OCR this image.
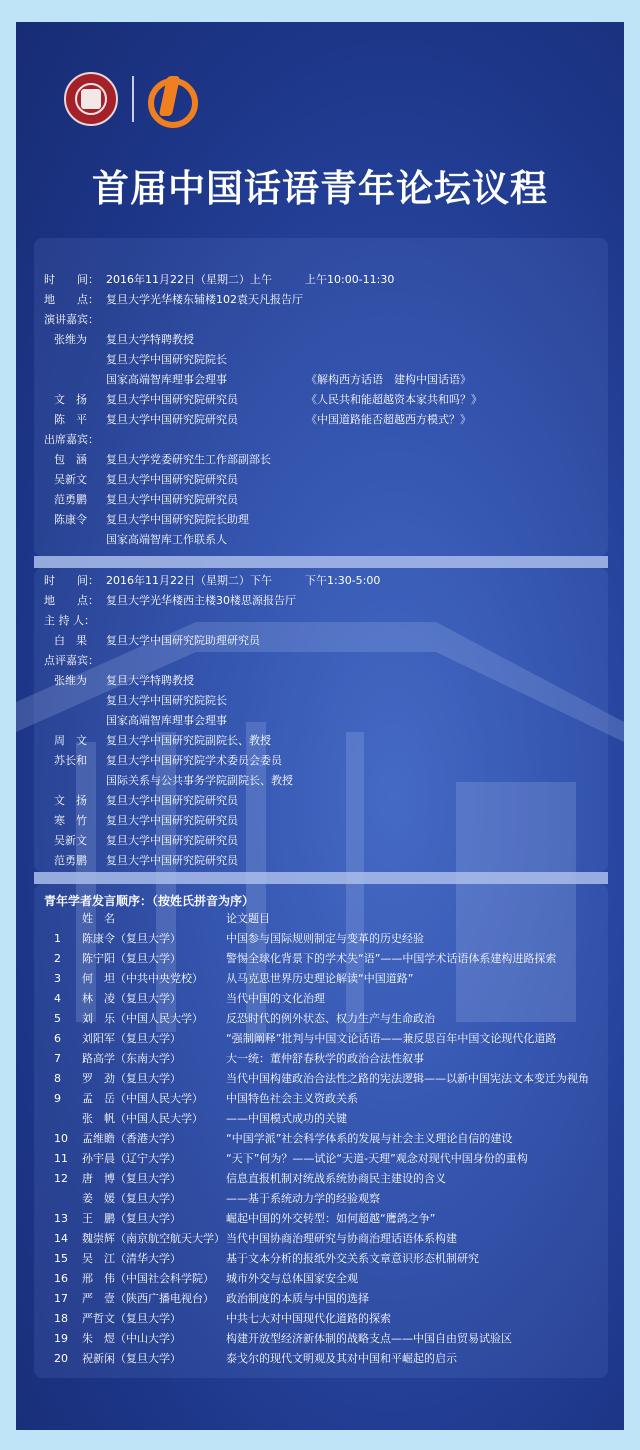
首届中国话语青年论坛议程
时　　间： 2016年11月22日（星期二）上午　　　上午10:00-11:30
地　　点： 复旦大学光华楼东辅楼102袁天凡报告厅
演讲嘉宾：
张维为 复旦大学特聘教授
复旦大学中国研究院院长
国家高端智库理事会理事	《解构西方话语　建构中国话语》
文　扬 复旦大学中国研究院研究员	《人民共和能超越资本家共和吗？》
陈　平 复旦大学中国研究院研究员	《中国道路能否超越西方模式？》
出席嘉宾：
包　涵 复旦大学党委研究生工作部副部长
吴新文 复旦大学中国研究院研究员
范勇鹏 复旦大学中国研究院研究员
陈康令 复旦大学中国研究院院长助理
国家高端智库工作联系人
时　　间： 2016年11月22日（星期二）下午　　　下午1:30-5:00
地　　点： 复旦大学光华楼西主楼30楼思源报告厅
主 持 人：
白　果 复旦大学中国研究院助理研究员
点评嘉宾：
张维为 复旦大学特聘教授
复旦大学中国研究院院长
国家高端智库理事会理事
周　文 复旦大学中国研究院副院长、教授
苏长和 复旦大学中国研究院学术委员会委员
国际关系与公共事务学院副院长、教授
文　扬 复旦大学中国研究院研究员
寒　竹 复旦大学中国研究院研究员
吴新文 复旦大学中国研究院研究员
范勇鹏 复旦大学中国研究院研究员
青年学者发言顺序：（按姓氏拼音为序）
姓　名	论文题目
1 陈康令（复旦大学）	中国参与国际规则制定与变革的历史经验
2 陈宁阳（复旦大学）	警惕全球化背景下的学术失“语”——中国学术话语体系建构进路探索
3 何　坦（中共中央党校） 从马克思世界历史理论解读“中国道路”
4 林　凌（复旦大学）	当代中国的文化治理
5 刘　乐（中国人民大学） 反恐时代的例外状态、权力生产与生命政治
6 刘阳军（复旦大学）	“强制阐释”批判与中国文论话语——兼反思百年中国文论现代化道路
7 路高学（东南大学）	大一统：董仲舒春秋学的政治合法性叙事
8 罗　劲（复旦大学）	当代中国构建政治合法性之路的宪法逻辑——以新中国宪法文本变迁为视角
9 孟　岳（中国人民大学） 中国特色社会主义资政关系
张　帆（中国人民大学） ——中国模式成功的关键
10 孟维瞻（香港大学）	“中国学派”社会科学体系的发展与社会主义理论自信的建设
11 孙宇晨（辽宁大学）	“天下”何为？——试论“天道-天理”观念对现代中国身份的重构
12 唐　博（复旦大学）	信息直报机制对统战系统协商民主建设的含义
姜　媛（复旦大学）	——基于系统动力学的经验观察
13 王　鹏（复旦大学）	崛起中国的外交转型：如何超越“鹰鸽之争”
14 魏崇辉（南京航空航天大学） 当代中国协商治理研究与协商治理话语体系构建
15 吴　江（清华大学）	基于文本分析的报纸外交关系文章意识形态机制研究
16 邢　伟（中国社会科学院） 城市外交与总体国家安全观
17 严　壹（陕西广播电视台） 政治制度的本质与中国的选择
18 严哲文（复旦大学）	中共七大对中国现代化道路的探索
19 朱　煜（中山大学）	构建开放型经济新体制的战略支点——中国自由贸易试验区
20 祝新闲（复旦大学）	泰戈尔的现代文明观及其对中国和平崛起的启示
